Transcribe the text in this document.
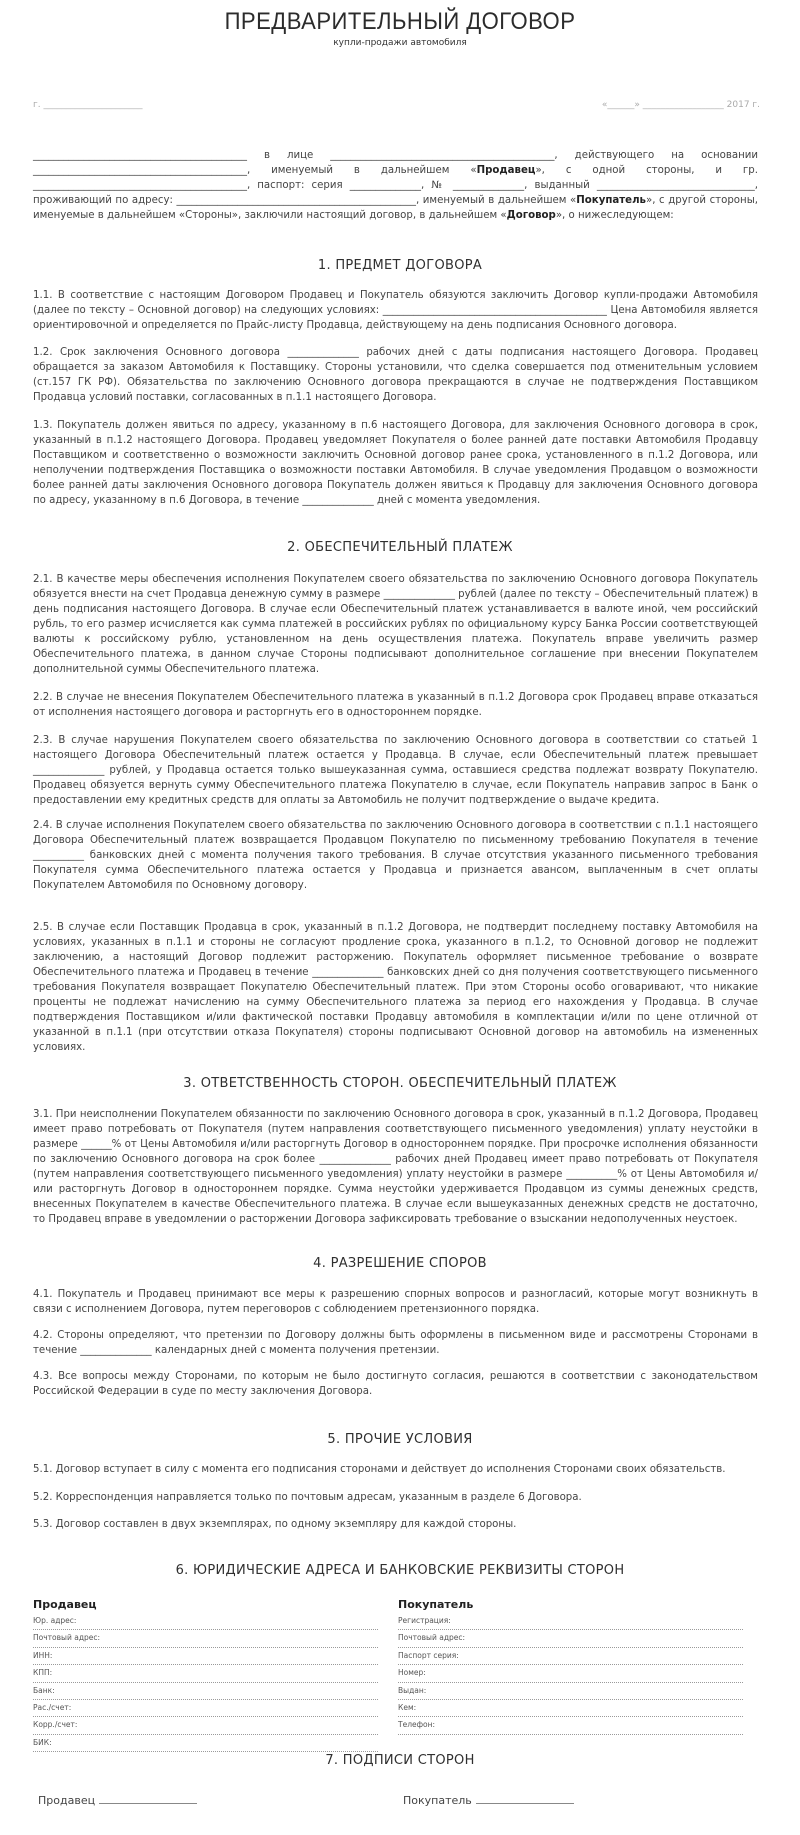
ПРЕДВАРИТЕЛЬНЫЙ ДОГОВОР
купли-продажи автомобиля
г. ______________________	«______» __________________ 2017 г.

__________________________________________ в лице ____________________________________________, действующего на основании __________________________________________, именуемый в дальнейшем «Продавец», с одной стороны, и гр. __________________________________________, паспорт: серия ______________, № ______________, выданный _______________________________, проживающий по адресу: _______________________________________________, именуемый в дальнейшем «Покупатель», с другой стороны, именуемые в дальнейшем «Стороны», заключили настоящий договор, в дальнейшем «Договор», о нижеследующем:

1. ПРЕДМЕТ ДОГОВОРА

1.1. В соответствие с настоящим Договором Продавец и Покупатель обязуются заключить Договор купли-продажи Автомобиля (далее по тексту – Основной договор) на следующих условиях: ____________________________________________ Цена Автомобиля является ориентировочной и определяется по Прайс-листу Продавца, действующему на день подписания Основного договора.

1.2. Срок заключения Основного договора ______________ рабочих дней с даты подписания настоящего Договора. Продавец обращается за заказом Автомобиля к Поставщику. Стороны установили, что сделка совершается под отменительным условием (ст.157 ГК РФ). Обязательства по заключению Основного договора прекращаются в случае не подтверждения Поставщиком Продавца условий поставки, согласованных в п.1.1 настоящего Договора.

1.3. Покупатель должен явиться по адресу, указанному в п.6 настоящего Договора, для заключения Основного договора в срок, указанный в п.1.2 настоящего Договора. Продавец уведомляет Покупателя о более ранней дате поставки Автомобиля Продавцу Поставщиком и соответственно о возможности заключить Основной договор ранее срока, установленного в п.1.2 Договора, или неполучении подтверждения Поставщика о возможности поставки Автомобиля. В случае уведомления Продавцом о возможности более ранней даты заключения Основного договора Покупатель должен явиться к Продавцу для заключения Основного договора по адресу, указанному в п.6 Договора, в течение ______________ дней с момента уведомления.

2. ОБЕСПЕЧИТЕЛЬНЫЙ ПЛАТЕЖ

2.1. В качестве меры обеспечения исполнения Покупателем своего обязательства по заключению Основного договора Покупатель обязуется внести на счет Продавца денежную сумму в размере ______________ рублей (далее по тексту – Обеспечительный платеж) в день подписания настоящего Договора. В случае если Обеспечительный платеж устанавливается в валюте иной, чем российский рубль, то его размер исчисляется как сумма платежей в российских рублях по официальному курсу Банка России соответствующей валюты к российскому рублю, установленном на день осуществления платежа. Покупатель вправе увеличить размер Обеспечительного платежа, в данном случае Стороны подписывают дополнительное соглашение при внесении Покупателем дополнительной суммы Обеспечительного платежа.

2.2. В случае не внесения Покупателем Обеспечительного платежа в указанный в п.1.2 Договора срок Продавец вправе отказаться от исполнения настоящего договора и расторгнуть его в одностороннем порядке.

2.3. В случае нарушения Покупателем своего обязательства по заключению Основного договора в соответствии со статьей 1 настоящего Договора Обеспечительный платеж остается у Продавца. В случае, если Обеспечительный платеж превышает ______________ рублей, у Продавца остается только вышеуказанная сумма, оставшиеся средства подлежат возврату Покупателю. Продавец обязуется вернуть сумму Обеспечительного платежа Покупателю в случае, если Покупатель направив запрос в Банк о предоставлении ему кредитных средств для оплаты за Автомобиль не получит подтверждение о выдаче кредита.

2.4. В случае исполнения Покупателем своего обязательства по заключению Основного договора в соответствии с п.1.1 настоящего Договора Обеспечительный платеж возвращается Продавцом Покупателю по письменному требованию Покупателя в течение __________ банковских дней с момента получения такого требования. В случае отсутствия указанного письменного требования Покупателя сумма Обеспечительного платежа остается у Продавца и признается авансом, выплаченным в счет оплаты Покупателем Автомобиля по Основному договору.

2.5. В случае если Поставщик Продавца в срок, указанный в п.1.2 Договора, не подтвердит последнему поставку Автомобиля на условиях, указанных в п.1.1 и стороны не согласуют продление срока, указанного в п.1.2, то Основной договор не подлежит заключению, а настоящий Договор подлежит расторжению. Покупатель оформляет письменное требование о возврате Обеспечительного платежа и Продавец в течение ______________ банковских дней со дня получения соответствующего письменного требования Покупателя возвращает Покупателю Обеспечительный платеж. При этом Стороны особо оговаривают, что никакие проценты не подлежат начислению на сумму Обеспечительного платежа за период его нахождения у Продавца. В случае подтверждения Поставщиком и/или фактической поставки Продавцу автомобиля в комплектации и/или по цене отличной от указанной в п.1.1 (при отсутствии отказа Покупателя) стороны подписывают Основной договор на автомобиль на измененных условиях.

3. ОТВЕТСТВЕННОСТЬ СТОРОН. ОБЕСПЕЧИТЕЛЬНЫЙ ПЛАТЕЖ

3.1. При неисполнении Покупателем обязанности по заключению Основного договора в срок, указанный в п.1.2 Договора, Продавец имеет право потребовать от Покупателя (путем направления соответствующего письменного уведомления) уплату неустойки в размере ______% от Цены Автомобиля и/или расторгнуть Договор в одностороннем порядке. При просрочке исполнения обязанности по заключению Основного договора на срок более ______________ рабочих дней Продавец имеет право потребовать от Покупателя (путем направления соответствующего письменного уведомления) уплату неустойки в размере __________% от Цены Автомобиля и/или расторгнуть Договор в одностороннем порядке. Сумма неустойки удерживается Продавцом из суммы денежных средств, внесенных Покупателем в качестве Обеспечительного платежа. В случае если вышеуказанных денежных средств не достаточно, то Продавец вправе в уведомлении о расторжении Договора зафиксировать требование о взыскании недополученных неустоек.

4. РАЗРЕШЕНИЕ СПОРОВ

4.1. Покупатель и Продавец принимают все меры к разрешению спорных вопросов и разногласий, которые могут возникнуть в связи с исполнением Договора, путем переговоров с соблюдением претензионного порядка.

4.2. Стороны определяют, что претензии по Договору должны быть оформлены в письменном виде и рассмотрены Сторонами в течение ______________ календарных дней с момента получения претензии.

4.3. Все вопросы между Сторонами, по которым не было достигнуто согласия, решаются в соответствии с законодательством Российской Федерации в суде по месту заключения Договора.

5. ПРОЧИЕ УСЛОВИЯ

5.1. Договор вступает в силу с момента его подписания сторонами и действует до исполнения Сторонами своих обязательств.

5.2. Корреспонденция направляется только по почтовым адресам, указанным в разделе 6 Договора.

5.3. Договор составлен в двух экземплярах, по одному экземпляру для каждой стороны.

6. ЮРИДИЧЕСКИЕ АДРЕСА И БАНКОВСКИЕ РЕКВИЗИТЫ СТОРОН
Продавец
Юр. адрес:
Почтовый адрес:
ИНН:
КПП:
Банк:
Рас./счет:
Корр./счет:
БИК:
Покупатель
Регистрация:
Почтовый адрес:
Паспорт серия:
Номер:
Выдан:
Кем:
Телефон:
7. ПОДПИСИ СТОРОН
Продавец	Покупатель
